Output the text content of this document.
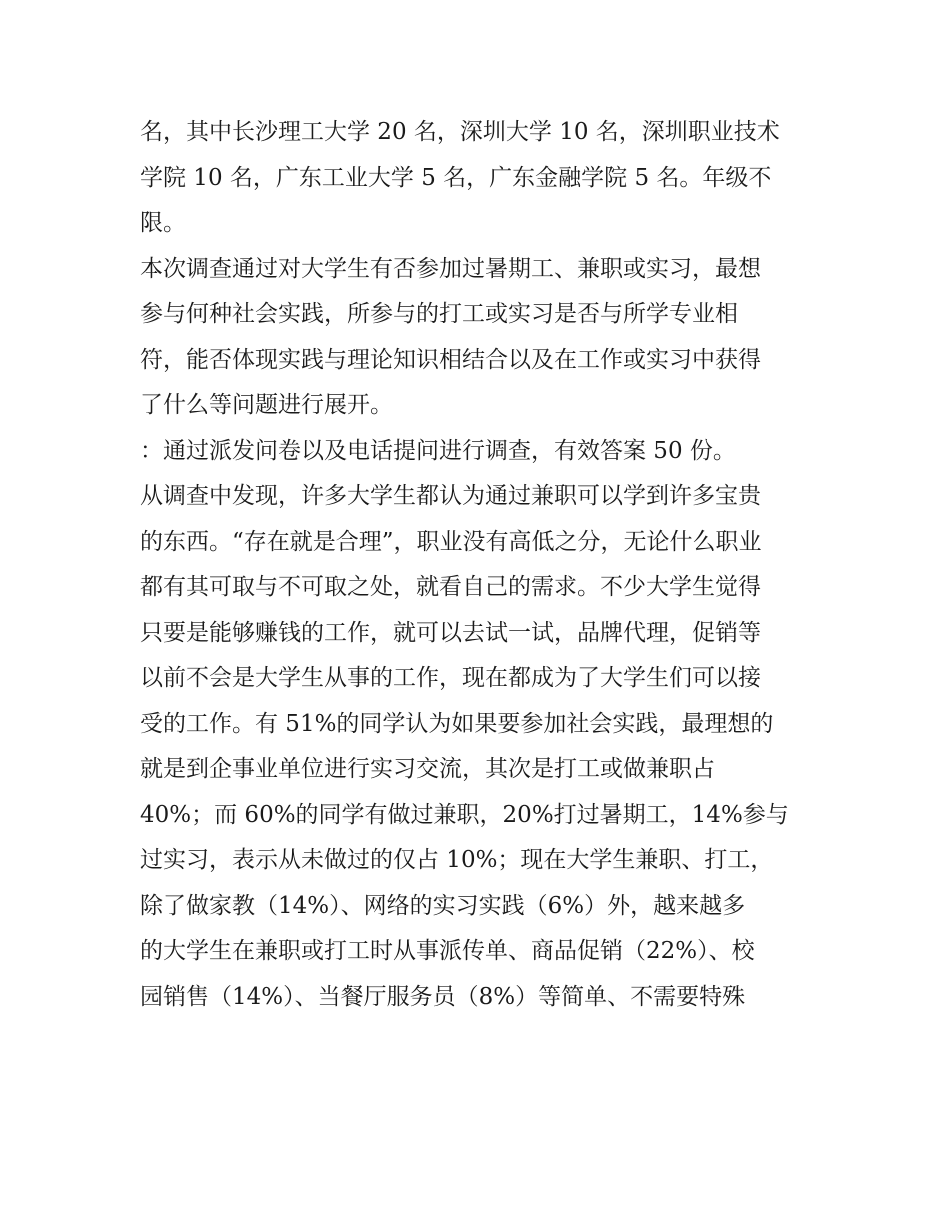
名，其中长沙理工大学 20 名，深圳大学 10 名，深圳职业技术
学院 10 名，广东工业大学 5 名，广东金融学院 5 名。年级不
限。
本次调查通过对大学生有否参加过暑期工、兼职或实习，最想
参与何种社会实践，所参与的打工或实习是否与所学专业相
符，能否体现实践与理论知识相结合以及在工作或实习中获得
了什么等问题进行展开。
：通过派发问卷以及电话提问进行调查，有效答案 50 份。
从调查中发现，许多大学生都认为通过兼职可以学到许多宝贵
的东西。“存在就是合理”，职业没有高低之分，无论什么职业
都有其可取与不可取之处，就看自己的需求。不少大学生觉得
只要是能够赚钱的工作，就可以去试一试，品牌代理，促销等
以前不会是大学生从事的工作，现在都成为了大学生们可以接
受的工作。有 51%的同学认为如果要参加社会实践，最理想的
就是到企事业单位进行实习交流，其次是打工或做兼职占
40%；而 60%的同学有做过兼职，20%打过暑期工，14%参与
过实习，表示从未做过的仅占 10%；现在大学生兼职、打工，
除了做家教（14%）、网络的实习实践（6%）外，越来越多
的大学生在兼职或打工时从事派传单、商品促销（22%）、校
园销售（14%）、当餐厅服务员（8%）等简单、不需要特殊
